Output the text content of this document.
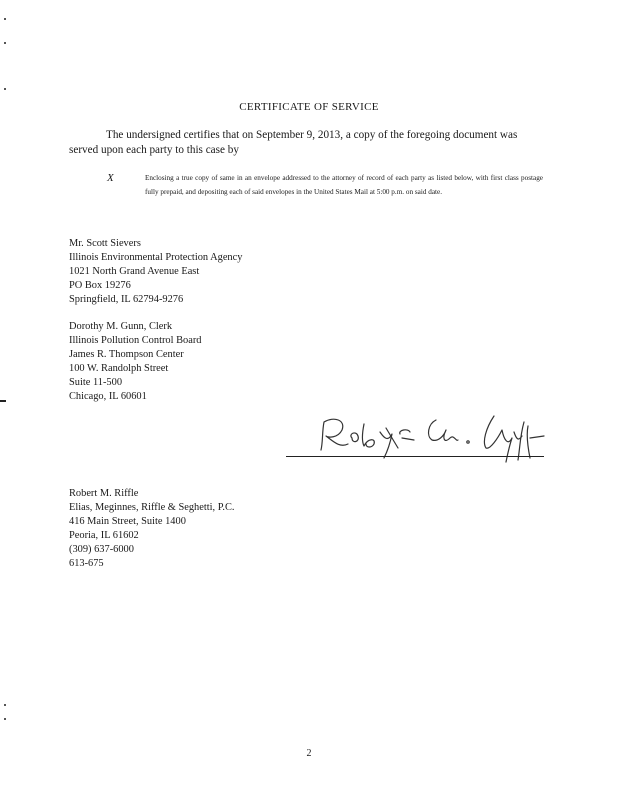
CERTIFICATE OF SERVICE
The undersigned certifies that on September 9, 2013, a copy of the foregoing document was served upon each party to this case by
X	Enclosing a true copy of same in an envelope addressed to the attorney of record of each party as listed below, with first class postage fully prepaid, and depositing each of said envelopes in the United States Mail at 5:00 p.m. on said date.
Mr. Scott Sievers
Illinois Environmental Protection Agency
1021 North Grand Avenue East
PO Box 19276
Springfield, IL 62794-9276
Dorothy M. Gunn, Clerk
Illinois Pollution Control Board
James R. Thompson Center
100 W. Randolph Street
Suite 11-500
Chicago, IL 60601
Robert M. Riffle
Elias, Meginnes, Riffle & Seghetti, P.C.
416 Main Street, Suite 1400
Peoria, IL 61602
(309) 637-6000
613-675
2
